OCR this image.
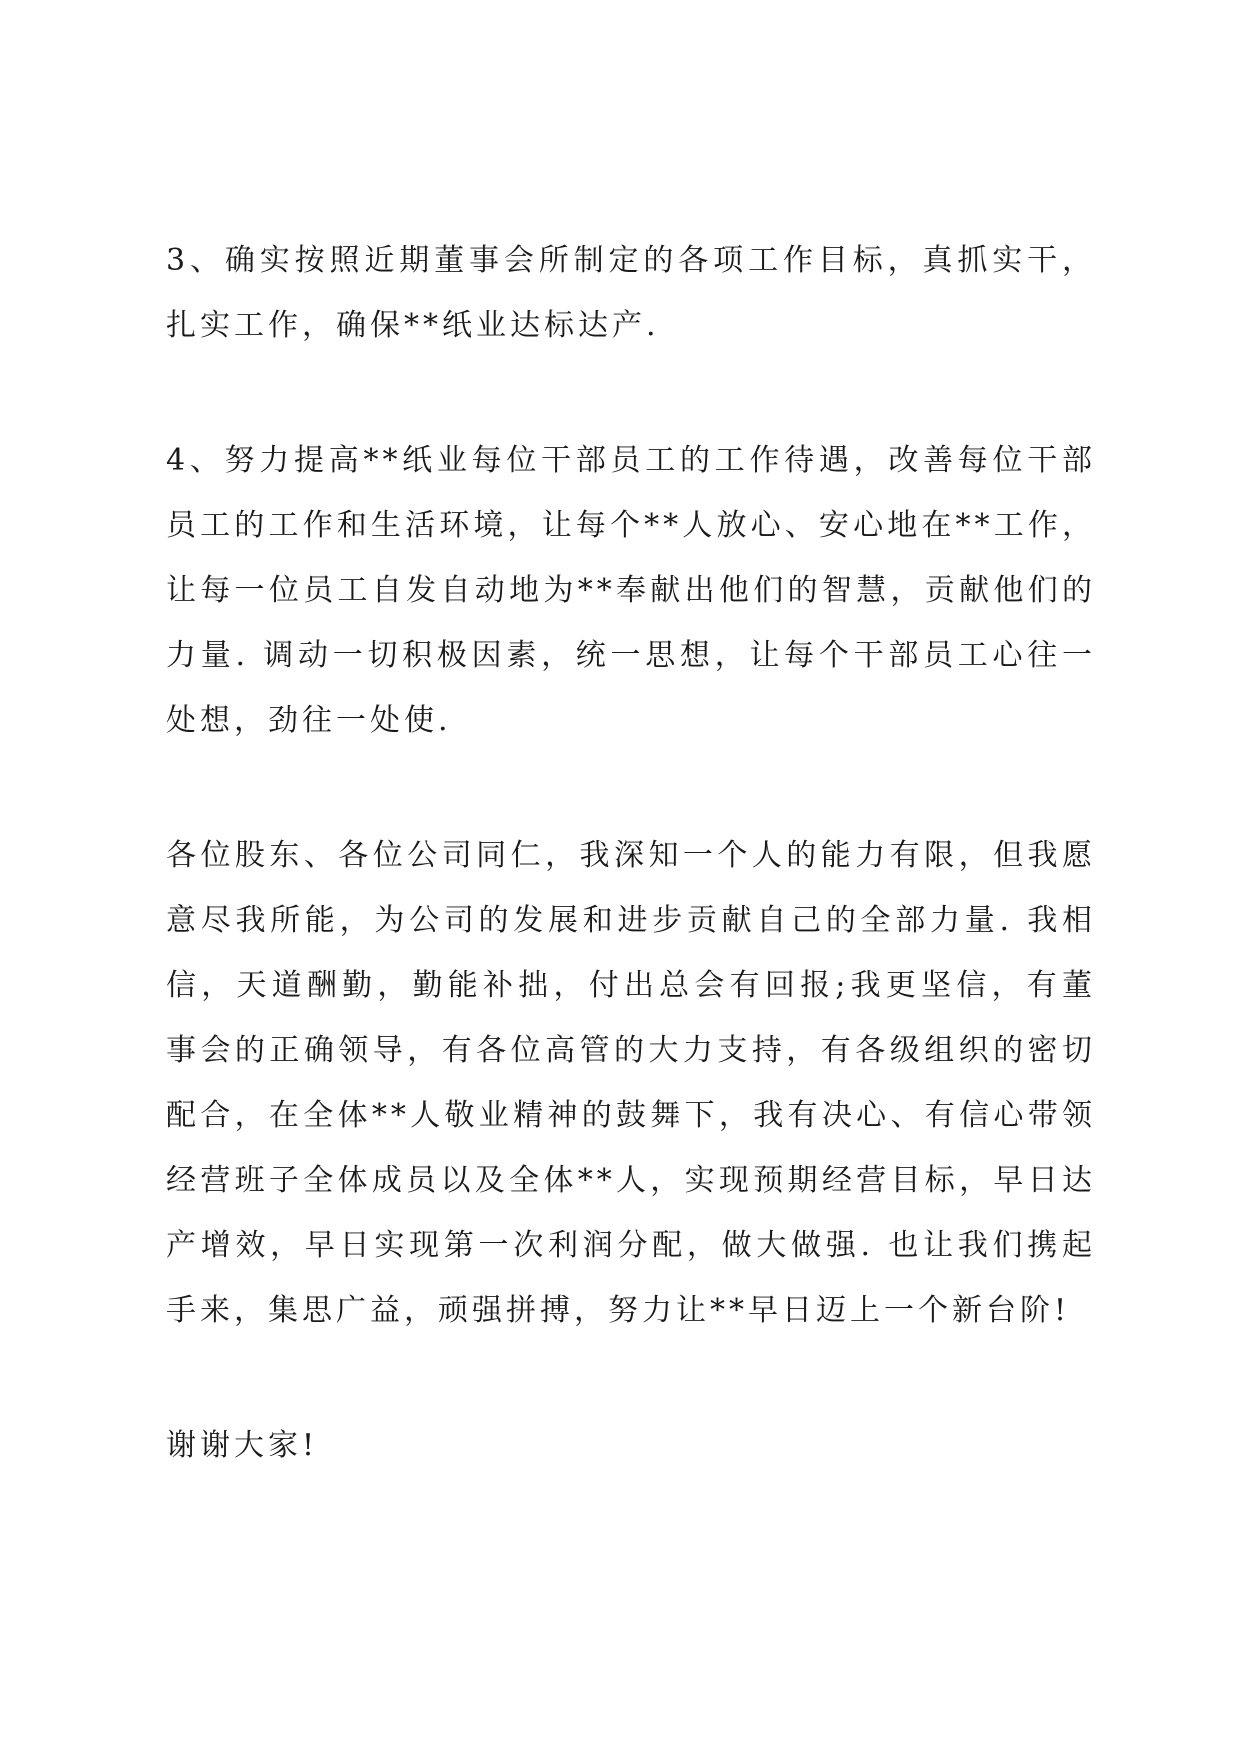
3、确实按照近期董事会所制定的各项工作目标，真抓实干，扎实工作，确保**纸业达标达产.

4、努力提高**纸业每位干部员工的工作待遇，改善每位干部员工的工作和生活环境，让每个**人放心、安心地在**工作，让每一位员工自发自动地为**奉献出他们的智慧，贡献他们的力量. 调动一切积极因素，统一思想，让每个干部员工心往一处想，劲往一处使.

各位股东、各位公司同仁，我深知一个人的能力有限，但我愿意尽我所能，为公司的发展和进步贡献自己的全部力量. 我相信，天道酬勤，勤能补拙，付出总会有回报;我更坚信，有董事会的正确领导，有各位高管的大力支持，有各级组织的密切配合，在全体**人敬业精神的鼓舞下，我有决心、有信心带领经营班子全体成员以及全体**人，实现预期经营目标，早日达产增效，早日实现第一次利润分配，做大做强. 也让我们携起手来，集思广益，顽强拼搏，努力让**早日迈上一个新台阶!

谢谢大家!
